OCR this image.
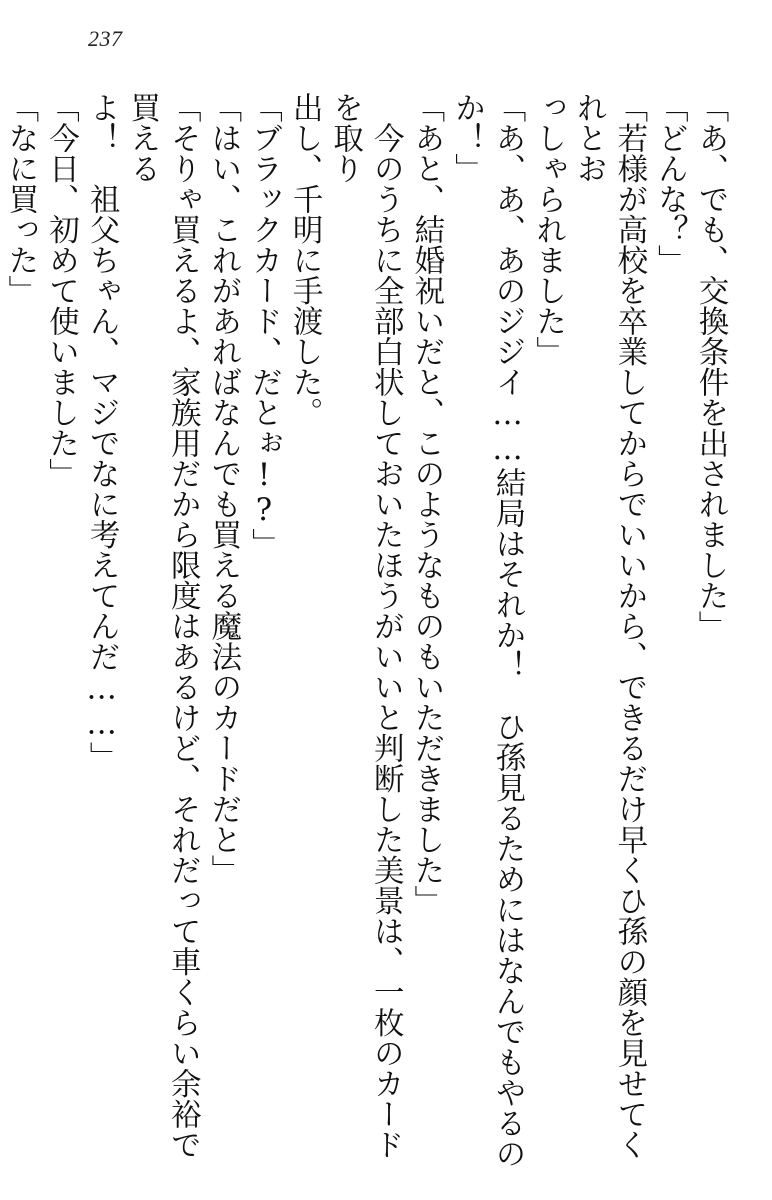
237

「あ、でも、交換条件を出されました」

「どんな？」

「若様が高校を卒業してからでいいから、できるだけ早くひ孫の顔を見せてくれとお

っしゃられました」

「あ、あ、あのジジイ……結局はそれか！　ひ孫見るためにはなんでもやるのか！」

「あと、結婚祝いだと、このようなものもいただきました」

　今のうちに全部白状しておいたほうがいいと判断した美景は、一枚のカードを取り

出し、千明に手渡した。

「ブラックカード、だとぉ!?」

「はい、これがあればなんでも買える魔法のカードだと」

「そりゃ買えるよ、家族用だから限度はあるけど、それだって車くらい余裕で買える

よ！　祖父ちゃん、マジでなに考えてんだ……」

「今日、初めて使いました」

「なに買った」
